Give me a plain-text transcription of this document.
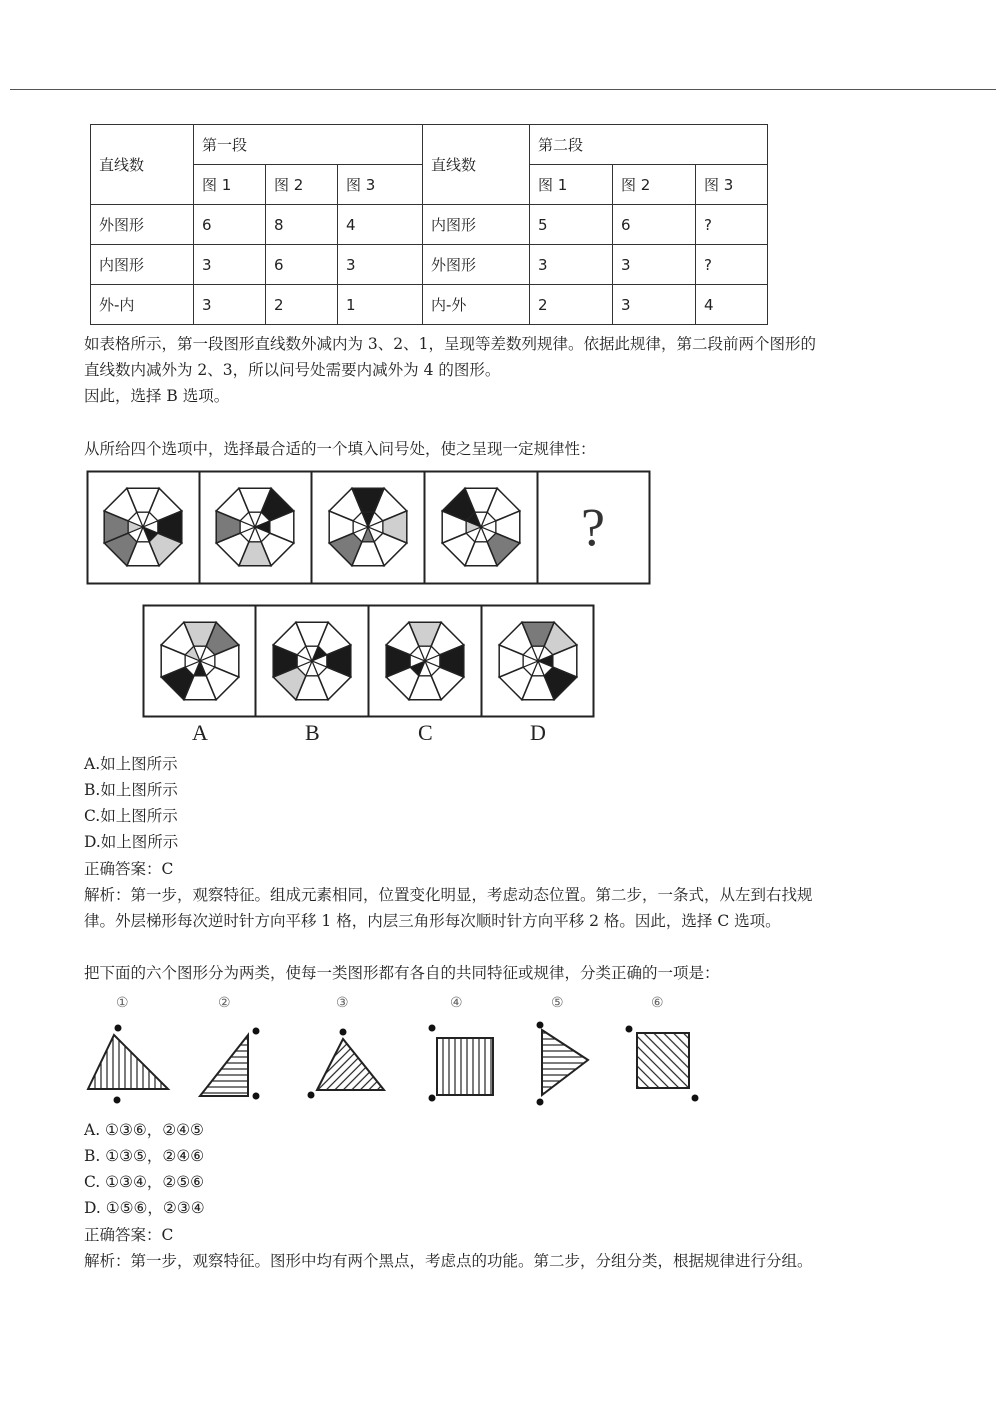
直线数	第一段			直线数	第二段		
	图 1	图 2	图 3		图 1	图 2	图 3
外图形	6	8	4	内图形	5	6	?
内图形	3	6	3	外图形	3	3	?
外-内	3	2	1	内-外	2	3	4

如表格所示，第一段图形直线数外减内为 3、2、1，呈现等差数列规律。依据此规律，第二段前两个图形的

直线数内减外为 2、3，所以问号处需要内减外为 4 的图形。

因此，选择 B 选项。

从所给四个选项中，选择最合适的一个填入问号处，使之呈现一定规律性：

?
A	B	C	D

A.如上图所示

B.如上图所示

C.如上图所示

D.如上图所示

正确答案：C

解析：第一步，观察特征。组成元素相同，位置变化明显，考虑动态位置。第二步，一条式，从左到右找规

律。外层梯形每次逆时针方向平移 1 格，内层三角形每次顺时针方向平移 2 格。因此，选择 C 选项。

把下面的六个图形分为两类，使每一类图形都有各自的共同特征或规律，分类正确的一项是：

①	②	③	④	⑤	⑥

A. ①③⑥，②④⑤

B. ①③⑤，②④⑥

C. ①③④，②⑤⑥

D. ①⑤⑥，②③④

正确答案：C

解析：第一步，观察特征。图形中均有两个黑点，考虑点的功能。第二步，分组分类，根据规律进行分组。
